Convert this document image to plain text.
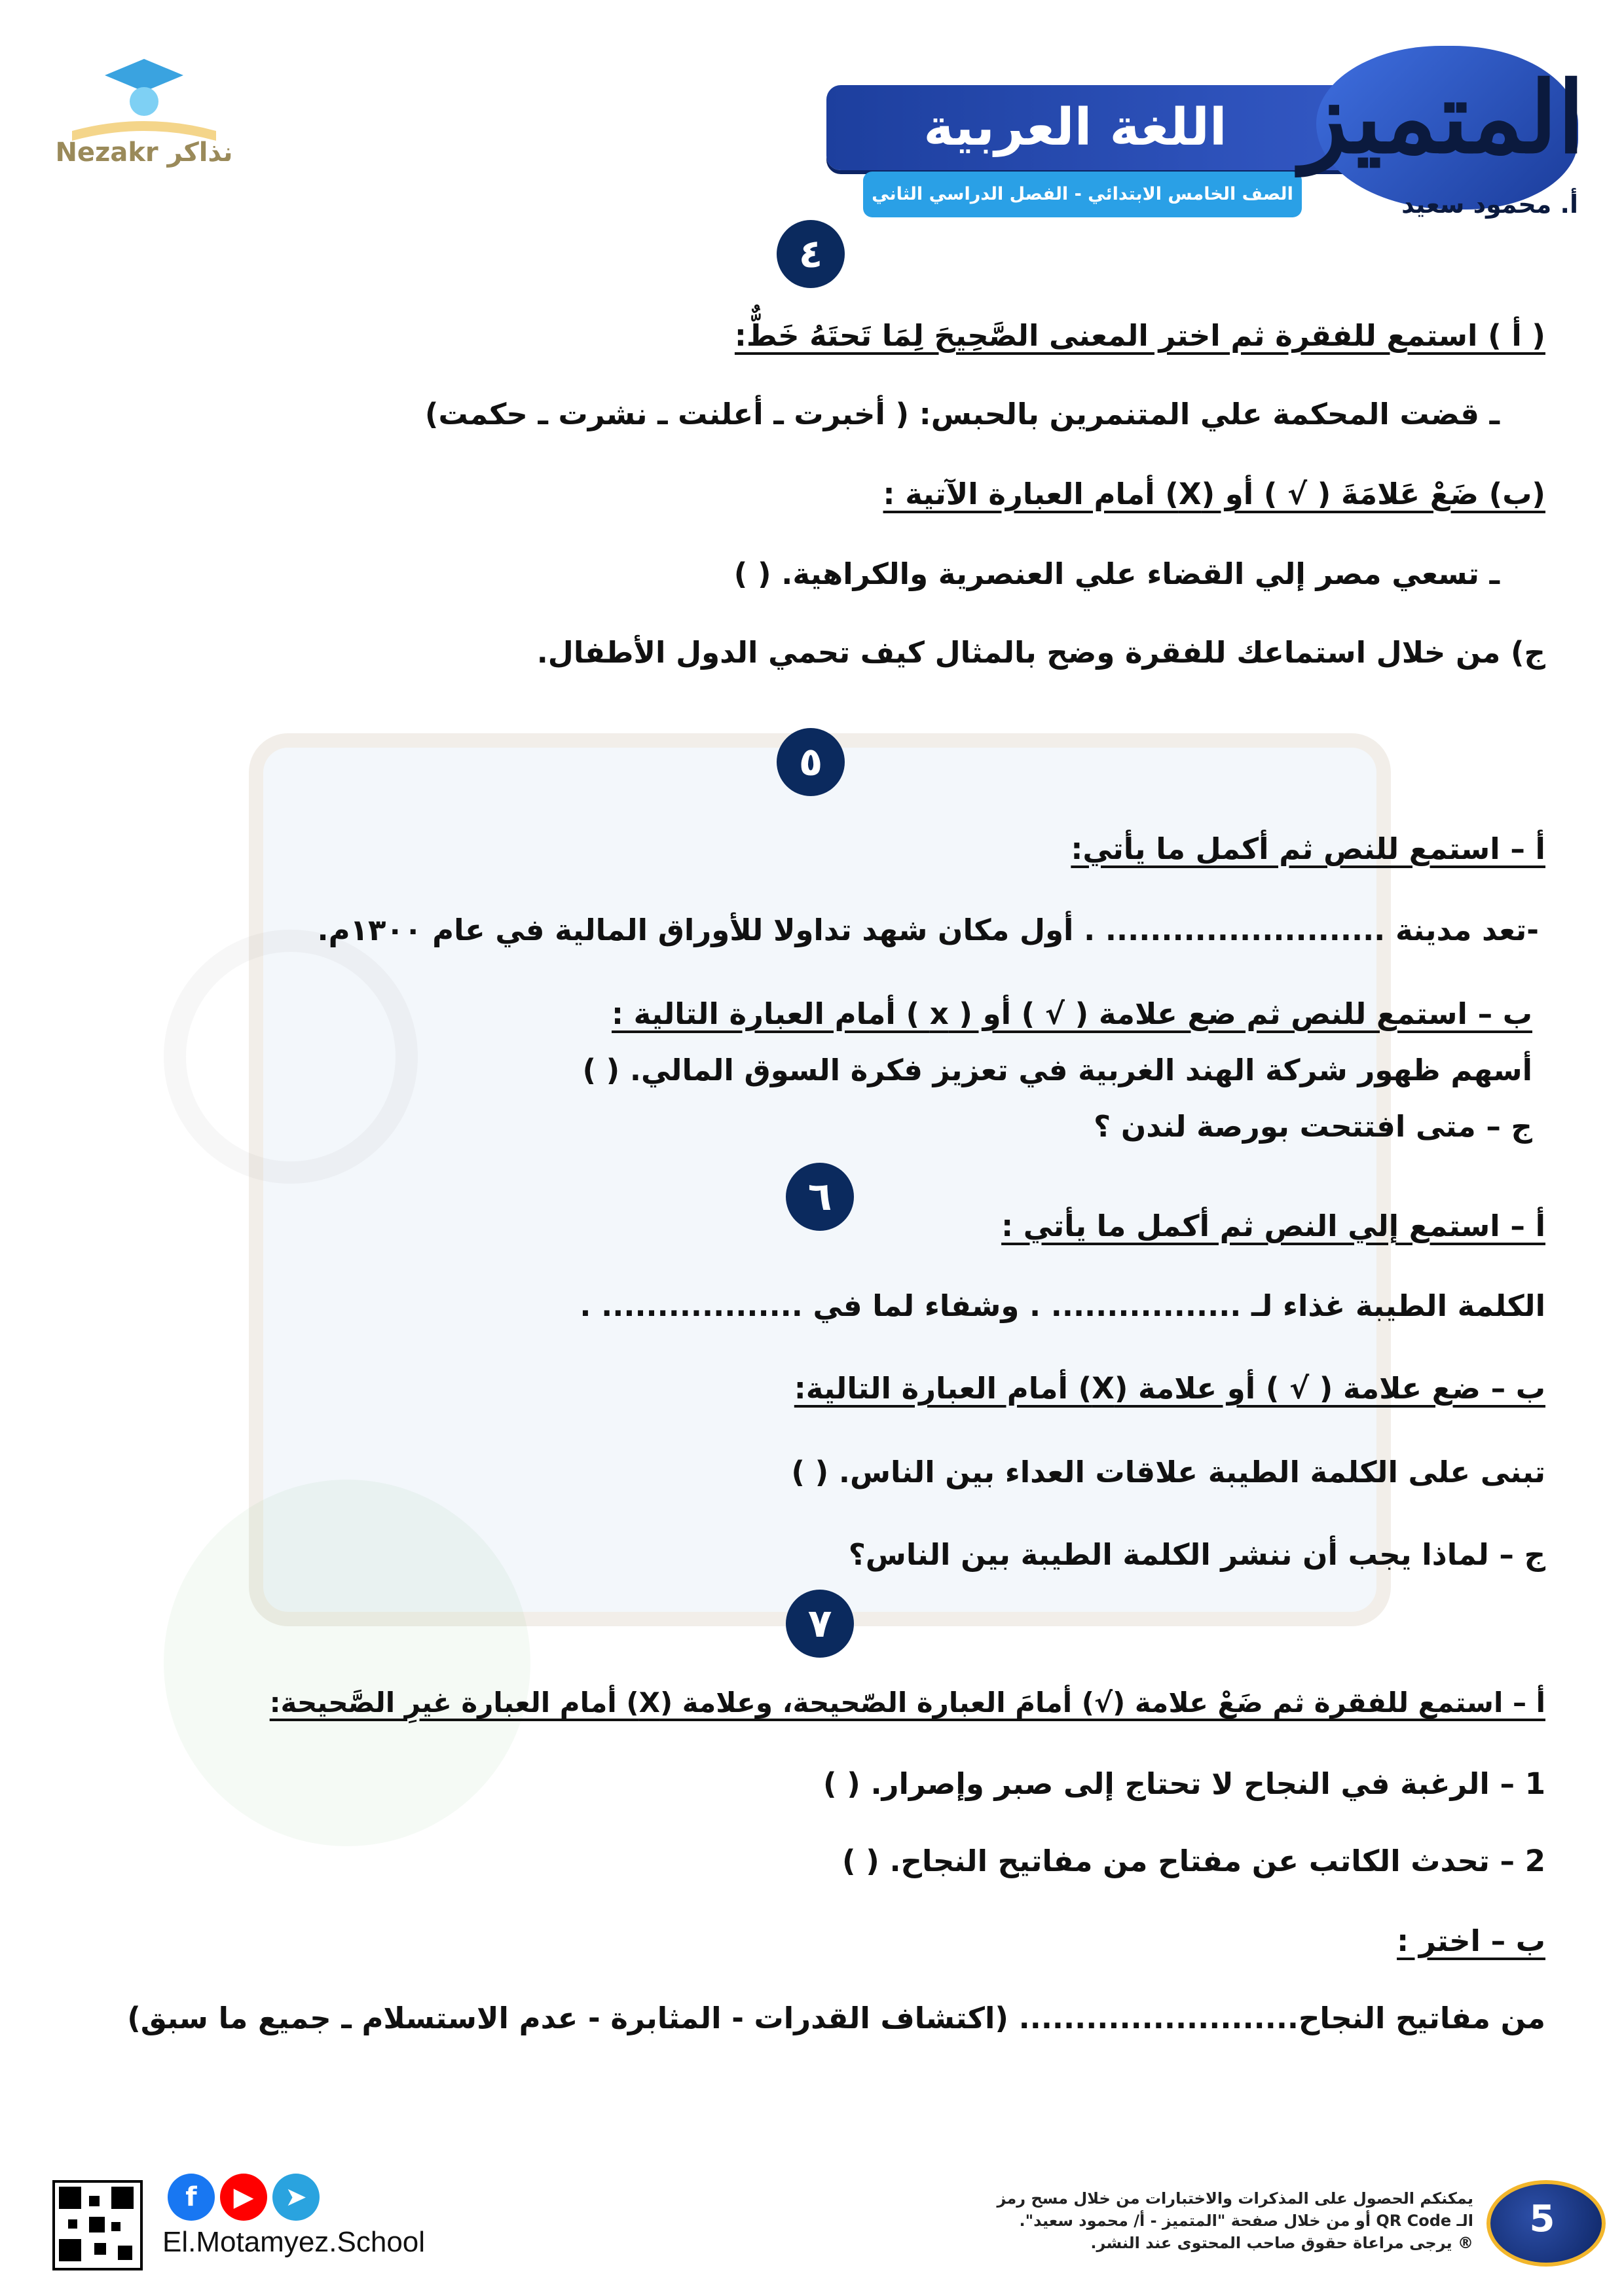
Nezakr نذاكر	اللغة العربية
الصف الخامس الابتدائي - الفصل الدراسي الثاني
المتميز
أ. محمود سعيد
٤
( أ ) استمع للفقرة ثم اختر المعنى الصَّحِيحَ لِمَا تَحتَهُ خَطٌّ:
ـ قضت المحكمة علي المتنمرين بالحبس: ( أخبرت ـ أعلنت ـ نشرت ـ حكمت)
(ب) ضَعْ عَلامَةَ ( √ ) أو (X) أمام العبارة الآتية :
ـ تسعي مصر إلي القضاء علي العنصرية والكراهية. ( )
ج) من خلال استماعك للفقرة وضح بالمثال كيف تحمي الدول الأطفال.
٥
أ – استمع للنص ثم أكمل ما يأتي:
-تعد مدينة ......................... . أول مكان شهد تداولا للأوراق المالية في عام ١٣٠٠م.
ب – استمع للنص ثم ضع علامة ( √ ) أو ( x ) أمام العبارة التالية :
أسهم ظهور شركة الهند الغربية في تعزيز فكرة السوق المالي. ( )
ج – متى افتتحت بورصة لندن ؟
٦
أ – استمع إلي النص ثم أكمل ما يأتي :
الكلمة الطيبة غذاء لـ ................. . وشفاء لما في .................. .
ب – ضع علامة ( √ ) أو علامة (X) أمام العبارة التالية:
تبنى على الكلمة الطيبة علاقات العداء بين الناس. ( )
ج – لماذا يجب أن ننشر الكلمة الطيبة بين الناس؟
٧
أ – استمع للفقرة ثم ضَعْ علامة (√) أمامَ العبارة الصّحيحة، وعلامة (X) أمام العبارة غيرِ الصَّحيحة:
1 – الرغبة في النجاح لا تحتاج إلى صبر وإصرار. ( )
2 – تحدث الكاتب عن مفتاح من مفاتيح النجاح. ( )
ب – اختر :
من مفاتيح النجاح......................... (اكتشاف القدرات - المثابرة - عدم الاستسلام ـ جميع ما سبق)
5
يمكنكم الحصول على المذكرات والاختبارات من خلال مسح رمز
الـ QR Code أو من خلال صفحة "المتميز - أ/ محمود سعيد".
® يرجى مراعاة حقوق صاحب المحتوى عند النشر.
f	▶	➤
El.Motamyez.School
